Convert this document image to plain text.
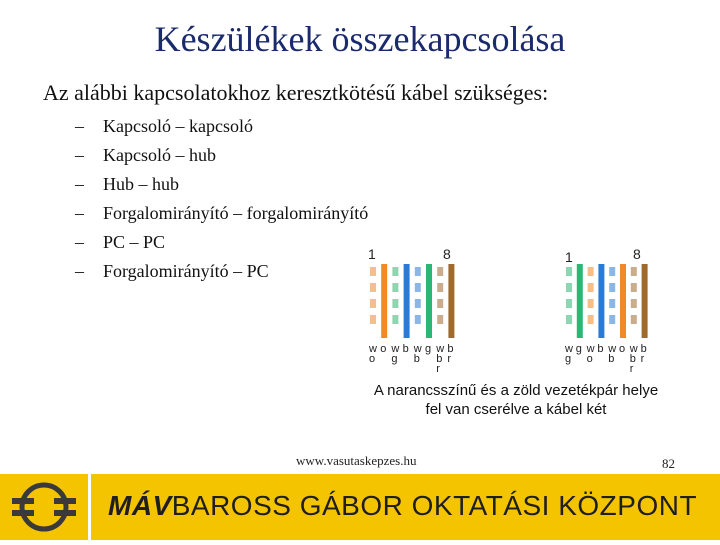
Készülékek összekapcsolása
Az alábbi kapcsolatokhoz keresztkötésű kábel szükséges:
– Kapcsoló – kapcsoló
– Kapcsoló – hub
– Hub – hub
– Forgalomirányító – forgalomirányító
– PC – PC
– Forgalomirányító – PC
1	8	1	8
w
o
o w
g
b w
b
g w
b
r
b
r
w
g
g w
o
b w
b
o w
b
r
b
r
A narancsszínű és a zöld vezetékpár helye
fel van cserélve a kábel két
www.vasutaskepzes.hu	82
MÁVBAROSS GÁBOR OKTATÁSI KÖZPONT
